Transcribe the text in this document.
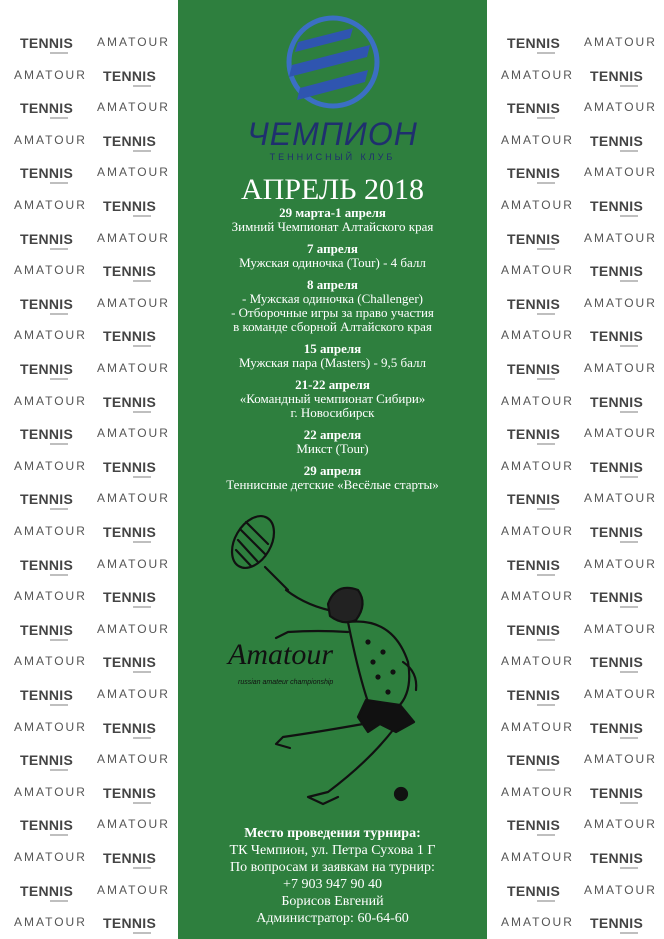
TENNIS AMATOUR
AMATOUR TENNIS
TENNIS AMATOUR
AMATOUR TENNIS
TENNIS AMATOUR
AMATOUR TENNIS
TENNIS AMATOUR
AMATOUR TENNIS
TENNIS AMATOUR
AMATOUR TENNIS
TENNIS AMATOUR
AMATOUR TENNIS
TENNIS AMATOUR
AMATOUR TENNIS
TENNIS AMATOUR
AMATOUR TENNIS
TENNIS AMATOUR
AMATOUR TENNIS
TENNIS AMATOUR
AMATOUR TENNIS
TENNIS AMATOUR
AMATOUR TENNIS
TENNIS AMATOUR
AMATOUR TENNIS
TENNIS AMATOUR
AMATOUR TENNIS
TENNIS AMATOUR
AMATOUR TENNIS
TENNIS AMATOUR
AMATOUR TENNIS
TENNIS AMATOUR
AMATOUR TENNIS
TENNIS AMATOUR
AMATOUR TENNIS
TENNIS AMATOUR
AMATOUR TENNIS
TENNIS AMATOUR
AMATOUR TENNIS
TENNIS AMATOUR
AMATOUR TENNIS
TENNIS AMATOUR
AMATOUR TENNIS
TENNIS AMATOUR
AMATOUR TENNIS
TENNIS AMATOUR
AMATOUR TENNIS
TENNIS AMATOUR
AMATOUR TENNIS
TENNIS AMATOUR
AMATOUR TENNIS
TENNIS AMATOUR
AMATOUR TENNIS
TENNIS AMATOUR
AMATOUR TENNIS
TENNIS AMATOUR
AMATOUR TENNIS
ЧЕМПИОН
ТЕННИСНЫЙ КЛУБ
АПРЕЛЬ 2018
29 марта-1 апреля
Зимний Чемпионат Алтайского края
7 апреля
Мужская одиночка (Tour) - 4 балл
8 апреля
- Мужская одиночка (Challenger)
- Отборочные игры за право участия
в команде сборной Алтайского края
15 апреля
Мужская пара (Masters) - 9,5 балл
21-22 апреля
«Командный чемпионат Сибири»
г. Новосибирск
22 апреля
Микст (Tour)
29 апреля
Теннисные детские «Весёлые старты»
Amatour
russian amateur championship
Место проведения турнира:
ТК Чемпион, ул. Петра Сухова 1 Г
По вопросам и заявкам на турнир:
+7 903 947 90 40
Борисов Евгений
Администратор: 60-64-60
